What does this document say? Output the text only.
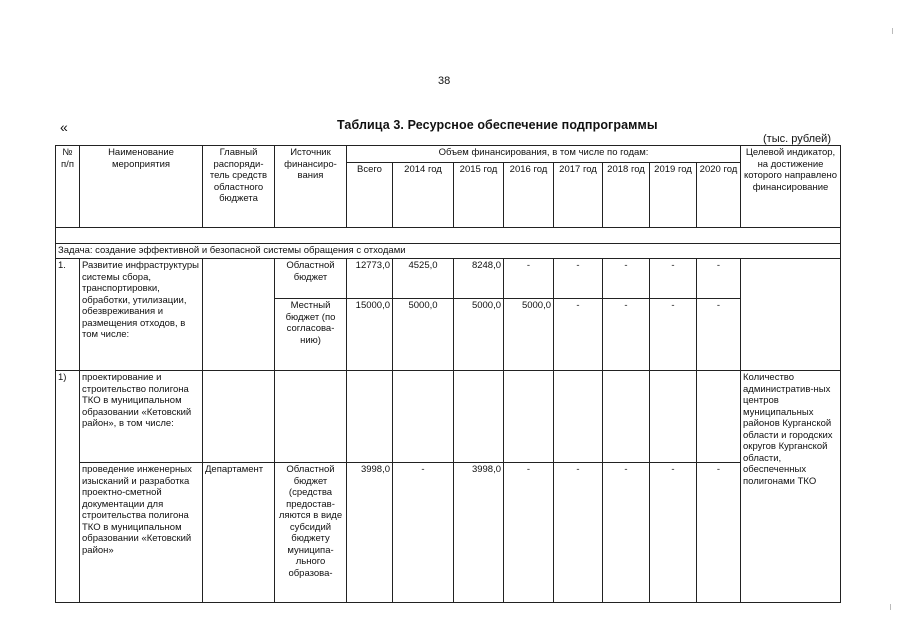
38
«	Таблица 3. Ресурсное обеспечение подпрограммы
(тыс. рублей)
№ п/п	Наименование мероприятия	Главный распоряди-тель средств областного бюджета	Источник финансиро-вания	Объем финансирования, в том числе по годам:								Целевой индикатор, на достижение которого направлено финансирование
				Всего	2014 год	2015 год	2016 год	2017 год	2018 год	2019 год	2020 год	

Задача: создание эффективной и безопасной системы обращения с отходами												
1.	Развитие инфраструктуры системы сбора, транспортировки, обработки, утилизации, обезвреживания и размещения отходов, в том числе:		Областной бюджет	12773,0	4525,0	8248,0	-	-	-	-	-	
			Местный бюджет (по согласова-нию)	15000,0	5000,0	5000,0	5000,0	-	-	-	-	
1)	проектирование и строительство полигона ТКО в муниципальном образовании «Кетовский район», в том числе:											Количество административ-ных центров муниципальных районов Курганской области и городских округов Курганской области, обеспеченных полигонами ТКО
	проведение инженерных изысканий и разработка проектно-сметной документации для строительства полигона ТКО в муниципальном образовании «Кетовский район»	Департамент	Областной бюджет (средства предостав-ляются в виде субсидий бюджету муниципа-льного образова-	3998,0	-	3998,0	-	-	-	-	-	
